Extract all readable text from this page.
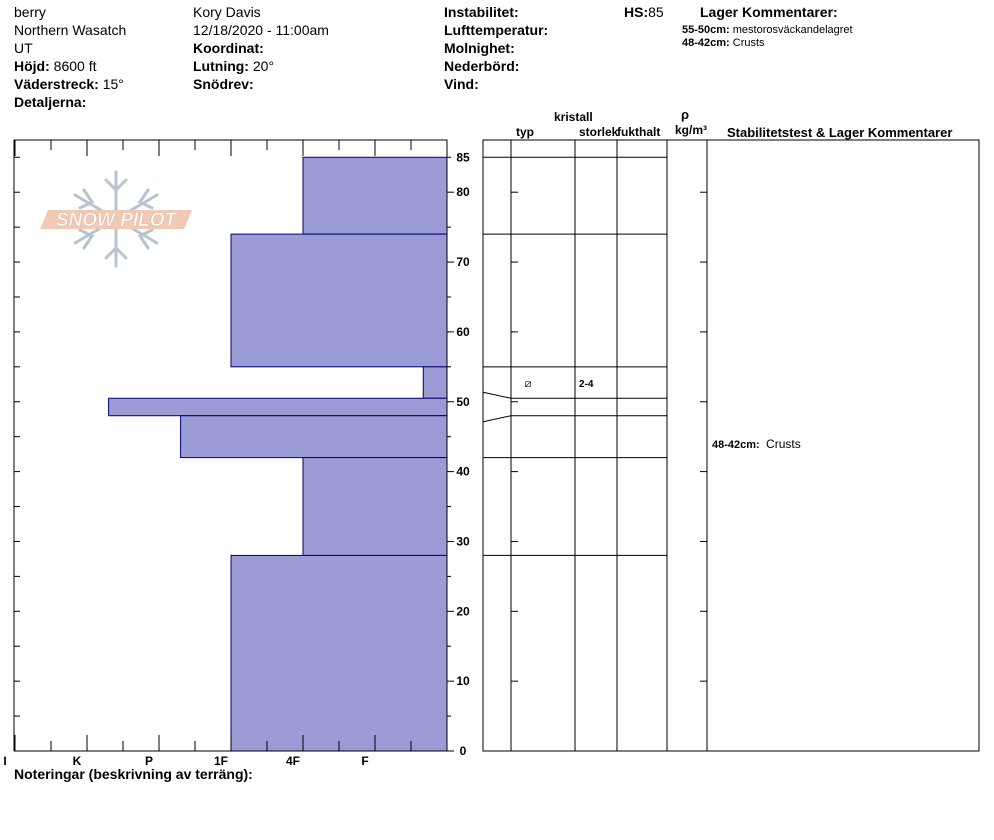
berry
Northern Wasatch
UT
Höjd: 8600 ft
Väderstreck: 15°
Detaljerna:
Kory Davis
12/18/2020 - 11:00am
Koordinat:
Lutning: 20°
Snödrev:
Instabilitet:
Lufttemperatur:
Molnighet:
Nederbörd:
Vind:
HS:85	Lager Kommentarer:
55-50cm: mestorosväckandelagret
48-42cm: Crusts
kristall
typ	storlek
fukthalt
ρ
kg/m³ Stabilitetstest & Lager Kommentarer
Noteringar (beskrivning av terräng):
SNOW PILOT
I	K	P	1F	4F	F
0
10
20
30
40
50
60
70
80
85
⧄	2-4
48-42cm: Crusts
